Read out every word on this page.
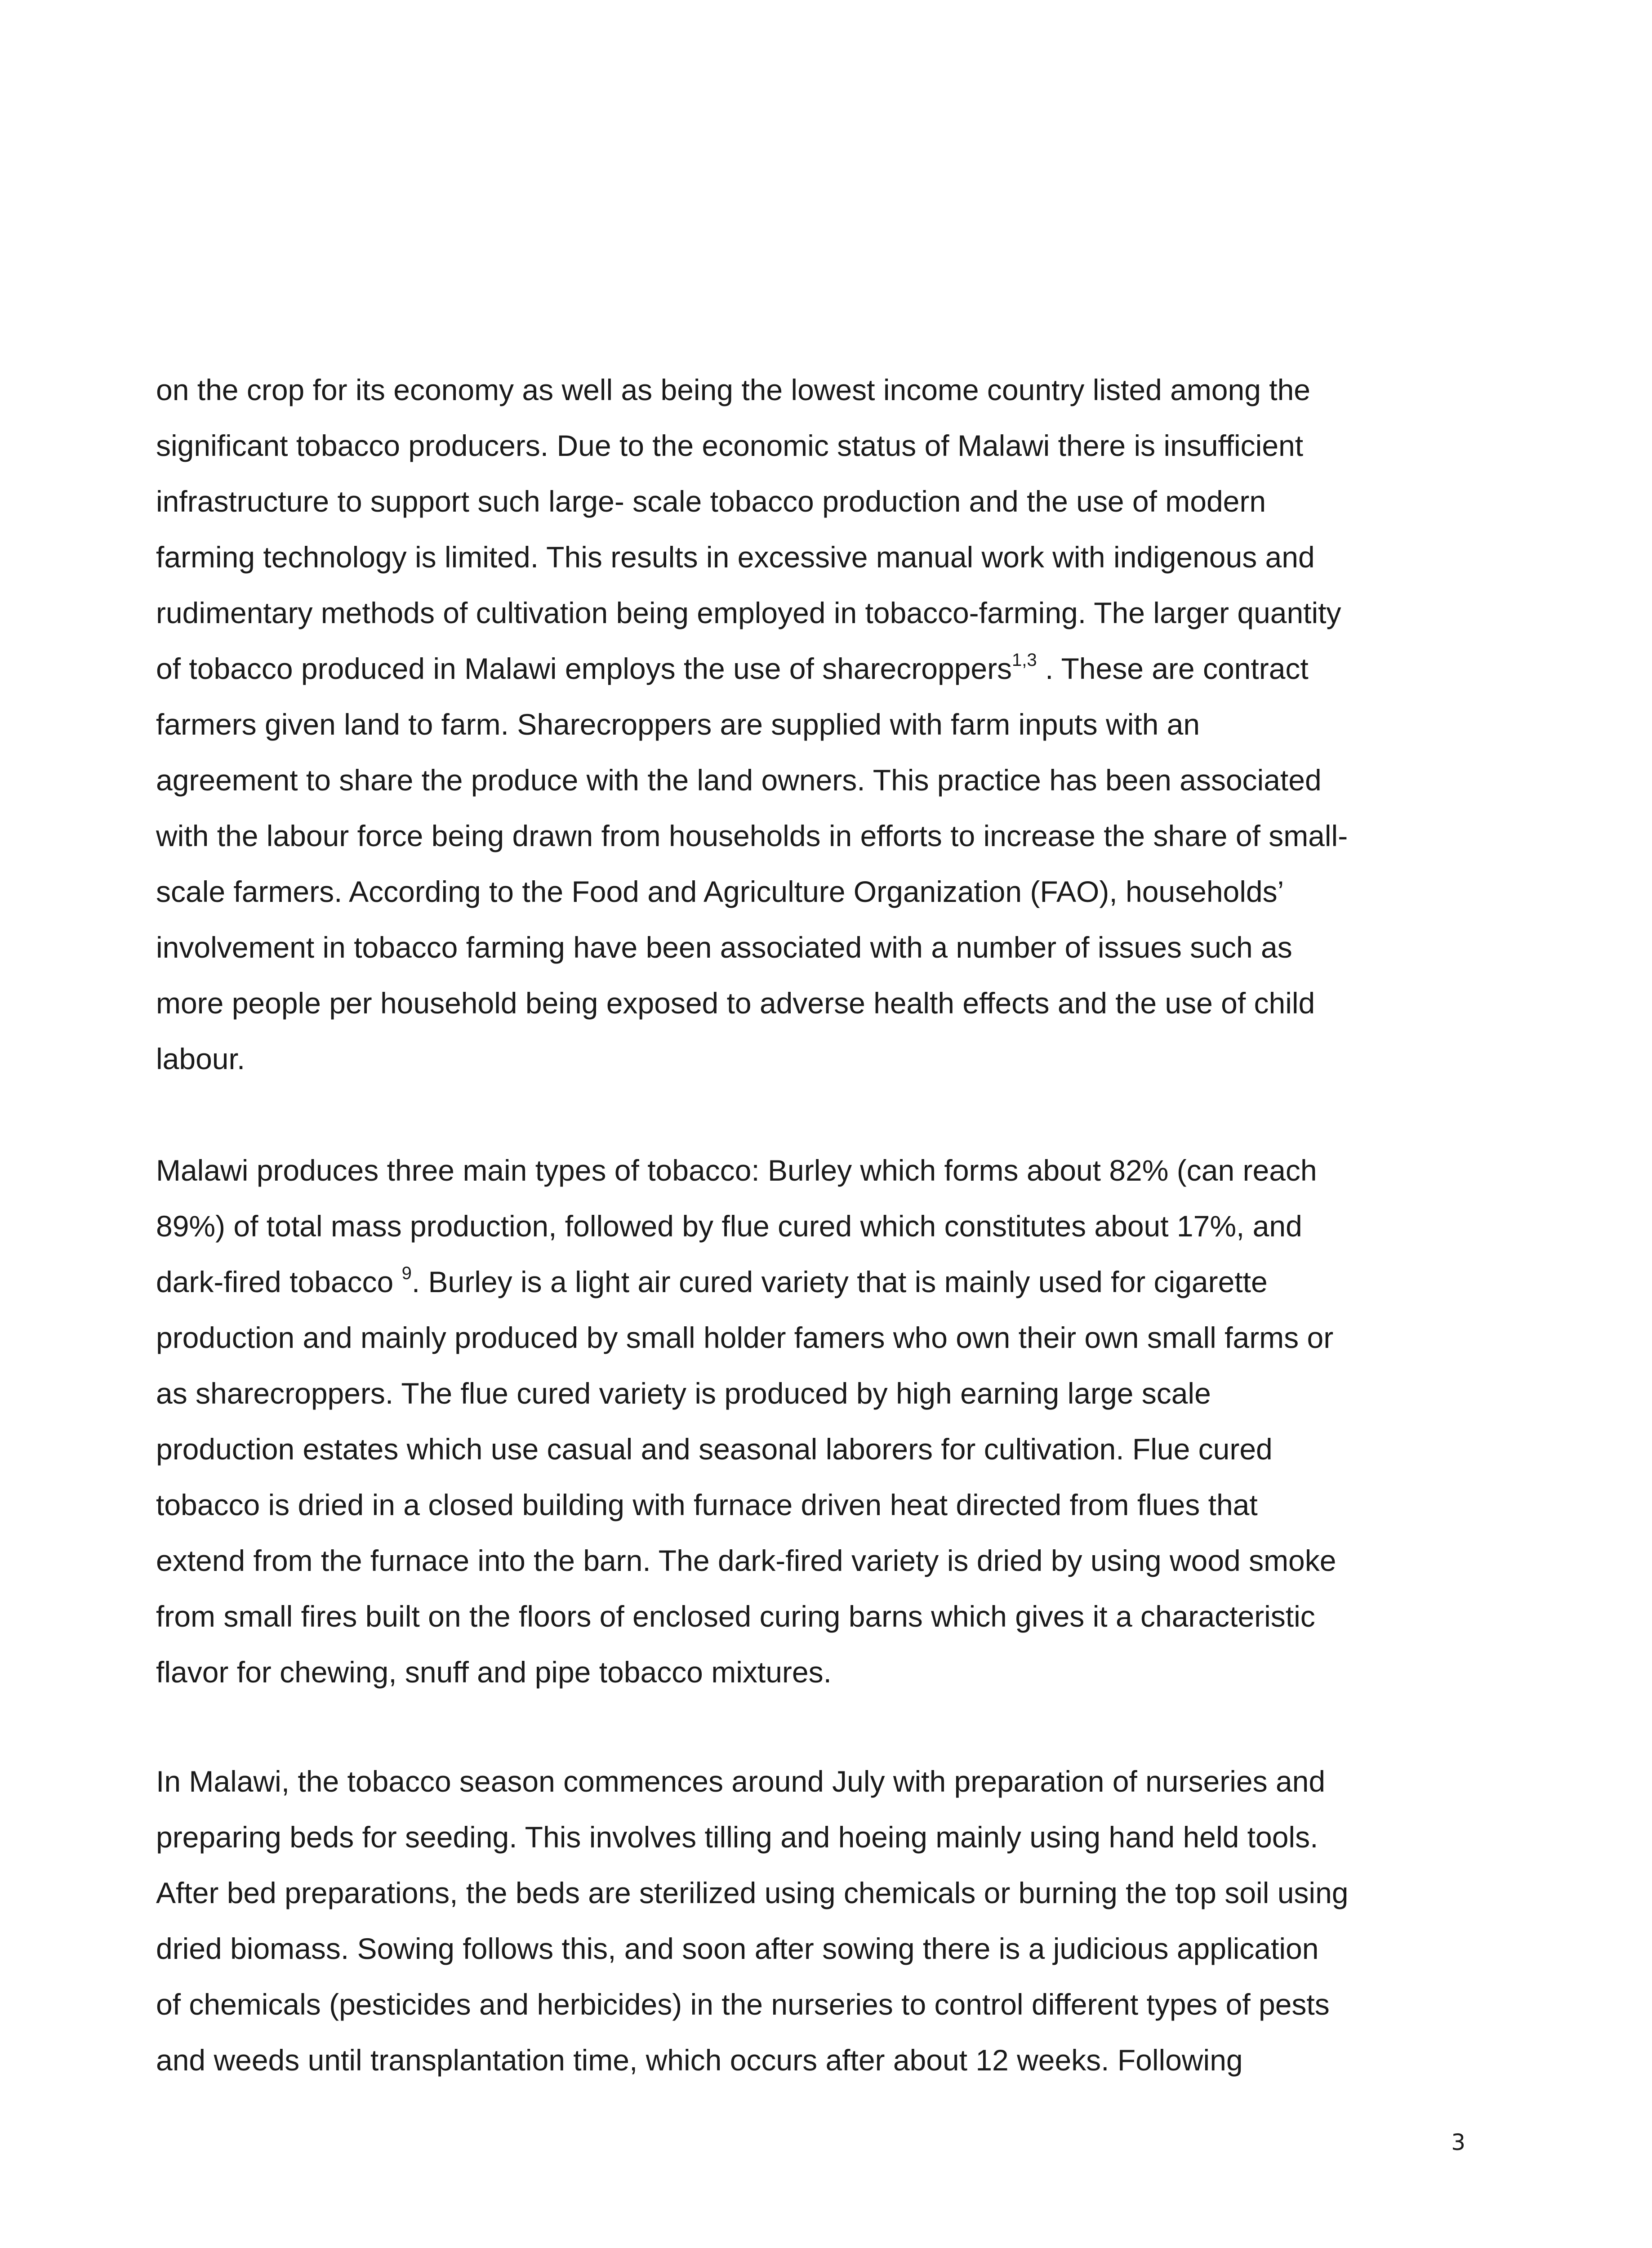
on the crop for its economy as well as being the lowest income country listed among the
significant tobacco producers. Due to the economic status of Malawi there is insufficient
infrastructure to support such large- scale tobacco production and the use of modern
farming technology is limited. This results in excessive manual work with indigenous and
rudimentary methods of cultivation being employed in tobacco-farming. The larger quantity
of tobacco produced in Malawi employs the use of sharecroppers$^{1,3}$ . These are contract
farmers given land to farm. Sharecroppers are supplied with farm inputs with an
agreement to share the produce with the land owners. This practice has been associated
with the labour force being drawn from households in efforts to increase the share of small-
scale farmers. According to the Food and Agriculture Organization (FAO), households’
involvement in tobacco farming have been associated with a number of issues such as
more people per household being exposed to adverse health effects and the use of child
labour.
Malawi produces three main types of tobacco: Burley which forms about 82% (can reach
89%) of total mass production, followed by flue cured which constitutes about 17%, and
dark-fired tobacco $^9$. Burley is a light air cured variety that is mainly used for cigarette
production and mainly produced by small holder famers who own their own small farms or
as sharecroppers. The flue cured variety is produced by high earning large scale
production estates which use casual and seasonal laborers for cultivation. Flue cured
tobacco is dried in a closed building with furnace driven heat directed from flues that
extend from the furnace into the barn. The dark-fired variety is dried by using wood smoke
from small fires built on the floors of enclosed curing barns which gives it a characteristic
flavor for chewing, snuff and pipe tobacco mixtures.
In Malawi, the tobacco season commences around July with preparation of nurseries and
preparing beds for seeding. This involves tilling and hoeing mainly using hand held tools.
After bed preparations, the beds are sterilized using chemicals or burning the top soil using
dried biomass. Sowing follows this, and soon after sowing there is a judicious application
of chemicals (pesticides and herbicides) in the nurseries to control different types of pests
and weeds until transplantation time, which occurs after about 12 weeks. Following
3
